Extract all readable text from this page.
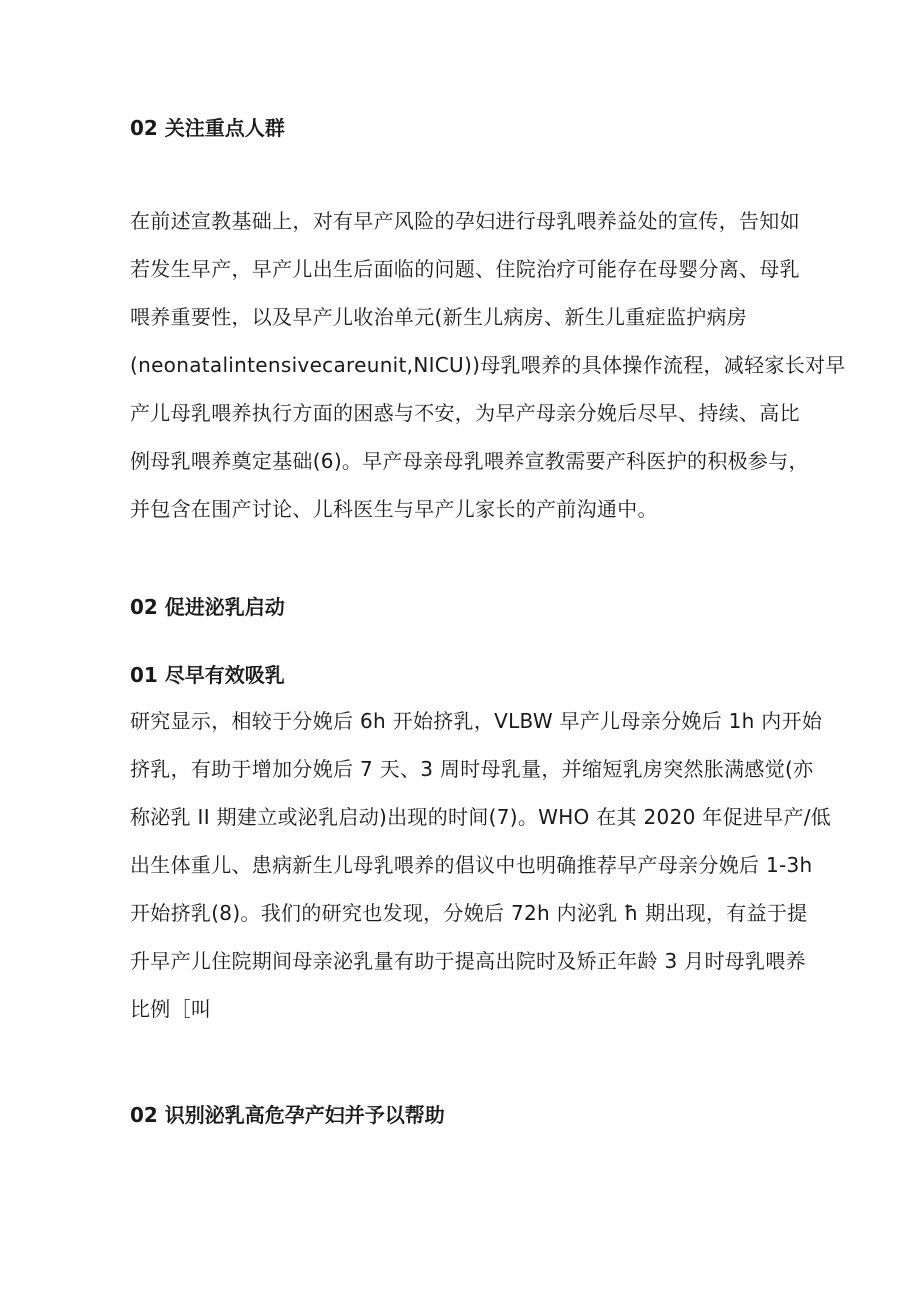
02 关注重点人群
在前述宣教基础上，对有早产风险的孕妇进行母乳喂养益处的宣传，告知如
若发生早产，早产儿出生后面临的问题、住院治疗可能存在母婴分离、母乳
喂养重要性，以及早产儿收治单元(新生儿病房、新生儿重症监护病房
(neonatalintensivecareunit,NICU))母乳喂养的具体操作流程，减轻家长对早
产儿母乳喂养执行方面的困惑与不安，为早产母亲分娩后尽早、持续、高比
例母乳喂养奠定基础(6)。早产母亲母乳喂养宣教需要产科医护的积极参与，
并包含在围产讨论、儿科医生与早产儿家长的产前沟通中。
02 促进泌乳启动
01 尽早有效吸乳
研究显示，相较于分娩后 6h 开始挤乳，VLBW 早产儿母亲分娩后 1h 内开始
挤乳，有助于增加分娩后 7 天、3 周时母乳量，并缩短乳房突然胀满感觉(亦
称泌乳 II 期建立或泌乳启动)出现的时间(7)。WHO 在其 2020 年促进早产/低
出生体重儿、患病新生儿母乳喂养的倡议中也明确推荐早产母亲分娩后 1-3h
开始挤乳(8)。我们的研究也发现，分娩后 72h 内泌乳 ħ 期出现，有益于提
升早产儿住院期间母亲泌乳量有助于提高出院时及矫正年龄 3 月时母乳喂养
比例［叫
02 识别泌乳高危孕产妇并予以帮助
